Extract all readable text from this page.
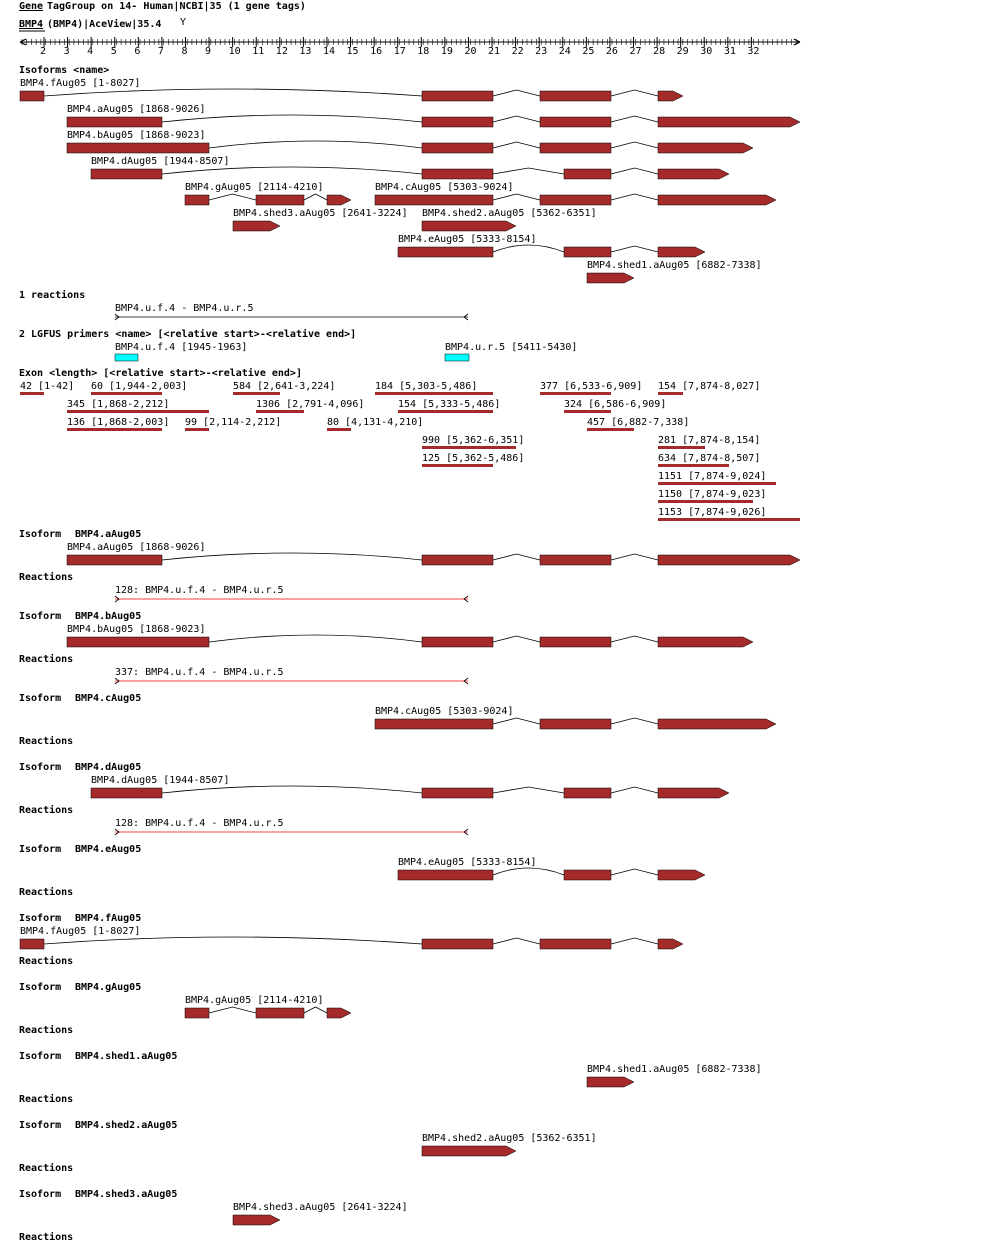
Gene TagGroup on 14- Human|NCBI|35 (1 gene tags)
BMP4 (BMP4)|AceView|35.4 Y
2 3 4 5 6 7 8 9 10 11 12 13 14 15 16 17 18 19 20 21 22 23 24 25 26 27 28 29 30 31 32
Isoforms <name>
BMP4.fAug05 [1-8027]
BMP4.aAug05 [1868-9026]
BMP4.bAug05 [1868-9023]
BMP4.dAug05 [1944-8507]
BMP4.gAug05 [2114-4210]	BMP4.cAug05 [5303-9024]
BMP4.shed3.aAug05 [2641-3224] BMP4.shed2.aAug05 [5362-6351]
BMP4.eAug05 [5333-8154]
BMP4.shed1.aAug05 [6882-7338]
1 reactions
BMP4.u.f.4 - BMP4.u.r.5
2 LGFUS primers <name> [<relative start>-<relative end>]
BMP4.u.f.4 [1945-1963]	BMP4.u.r.5 [5411-5430]
Exon <length> [<relative start>-<relative end>]
42 [1-42] 60 [1,944-2,003]	584 [2,641-3,224]	184 [5,303-5,486]	377 [6,533-6,909] 154 [7,874-8,027]
345 [1,868-2,212]	1306 [2,791-4,096]	154 [5,333-5,486]	324 [6,586-6,909]
136 [1,868-2,003] 99 [2,114-2,212]	80 [4,131-4,210]	457 [6,882-7,338]
990 [5,362-6,351]	281 [7,874-8,154]
125 [5,362-5,486]	634 [7,874-8,507]
1151 [7,874-9,024]
1150 [7,874-9,023]
1153 [7,874-9,026]
Isoform BMP4.aAug05
BMP4.aAug05 [1868-9026]
Reactions
128: BMP4.u.f.4 - BMP4.u.r.5
Isoform BMP4.bAug05
BMP4.bAug05 [1868-9023]
Reactions
337: BMP4.u.f.4 - BMP4.u.r.5
Isoform BMP4.cAug05
BMP4.cAug05 [5303-9024]
Reactions
Isoform BMP4.dAug05
BMP4.dAug05 [1944-8507]
Reactions
128: BMP4.u.f.4 - BMP4.u.r.5
Isoform BMP4.eAug05
BMP4.eAug05 [5333-8154]
Reactions
Isoform BMP4.fAug05
BMP4.fAug05 [1-8027]
Reactions
Isoform BMP4.gAug05
BMP4.gAug05 [2114-4210]
Reactions
Isoform BMP4.shed1.aAug05
BMP4.shed1.aAug05 [6882-7338]
Reactions
Isoform BMP4.shed2.aAug05
BMP4.shed2.aAug05 [5362-6351]
Reactions
Isoform BMP4.shed3.aAug05
BMP4.shed3.aAug05 [2641-3224]
Reactions
